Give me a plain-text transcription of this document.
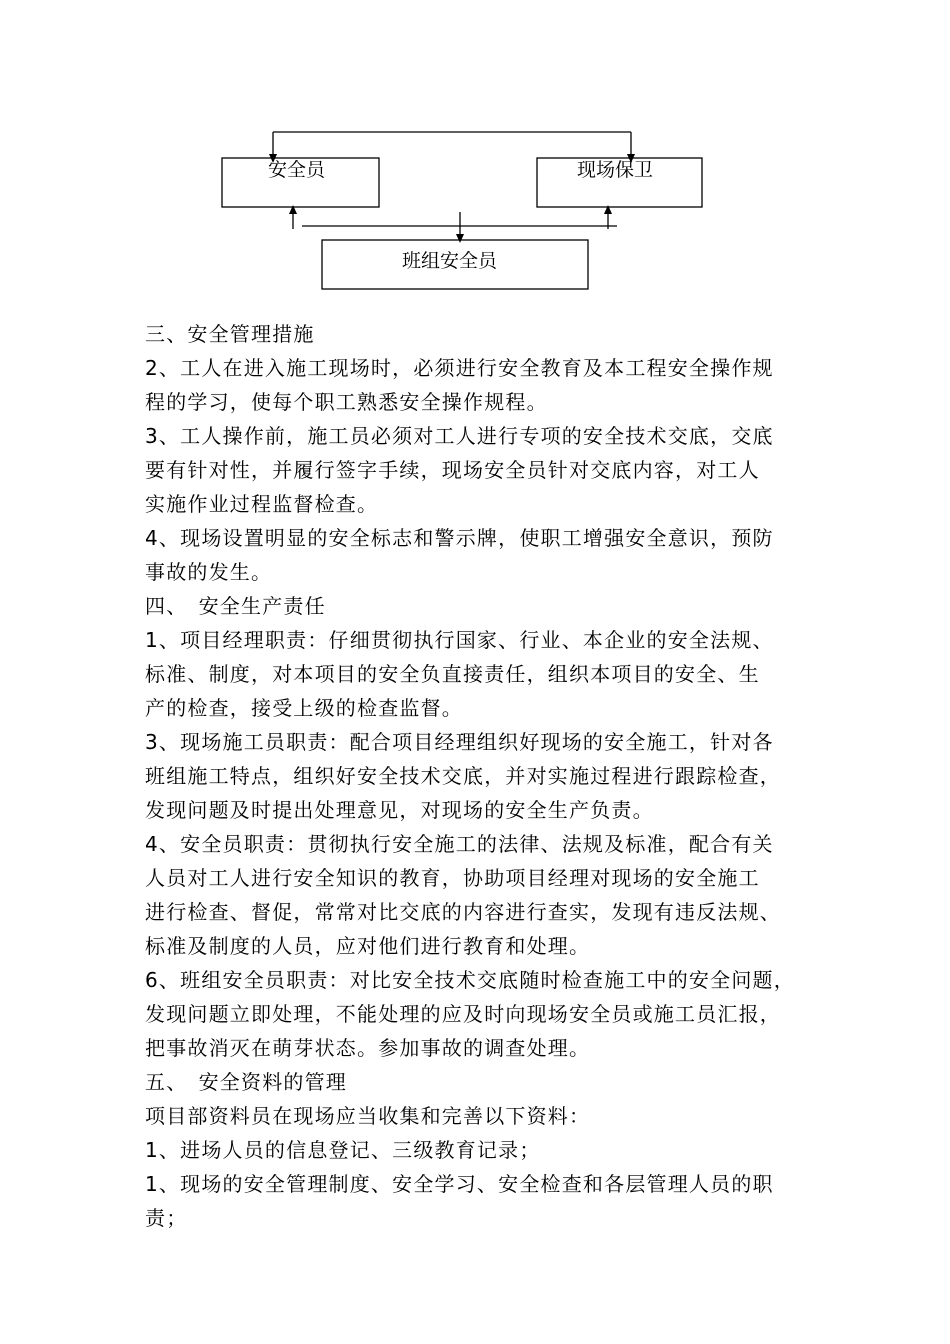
安全员	现场保卫
班组安全员
三、安全管理措施
2、工人在进入施工现场时，必须进行安全教育及本工程安全操作规
程的学习，使每个职工熟悉安全操作规程。
3、工人操作前，施工员必须对工人进行专项的安全技术交底，交底
要有针对性，并履行签字手续，现场安全员针对交底内容，对工人
实施作业过程监督检查。
4、现场设置明显的安全标志和警示牌，使职工增强安全意识，预防
事故的发生。
四、　安全生产责任
1、项目经理职责：仔细贯彻执行国家、行业、本企业的安全法规、
标准、制度，对本项目的安全负直接责任，组织本项目的安全、生
产的检查，接受上级的检查监督。
3、现场施工员职责：配合项目经理组织好现场的安全施工，针对各
班组施工特点，组织好安全技术交底，并对实施过程进行跟踪检查，
发现问题及时提出处理意见，对现场的安全生产负责。
4、安全员职责：贯彻执行安全施工的法律、法规及标准，配合有关
人员对工人进行安全知识的教育，协助项目经理对现场的安全施工
进行检查、督促，常常对比交底的内容进行查实，发现有违反法规、
标准及制度的人员，应对他们进行教育和处理。
6、班组安全员职责：对比安全技术交底随时检查施工中的安全问题，
发现问题立即处理，不能处理的应及时向现场安全员或施工员汇报，
把事故消灭在萌芽状态。参加事故的调查处理。
五、　安全资料的管理
项目部资料员在现场应当收集和完善以下资料：
1、进场人员的信息登记、三级教育记录；
1、现场的安全管理制度、安全学习、安全检查和各层管理人员的职
责；
